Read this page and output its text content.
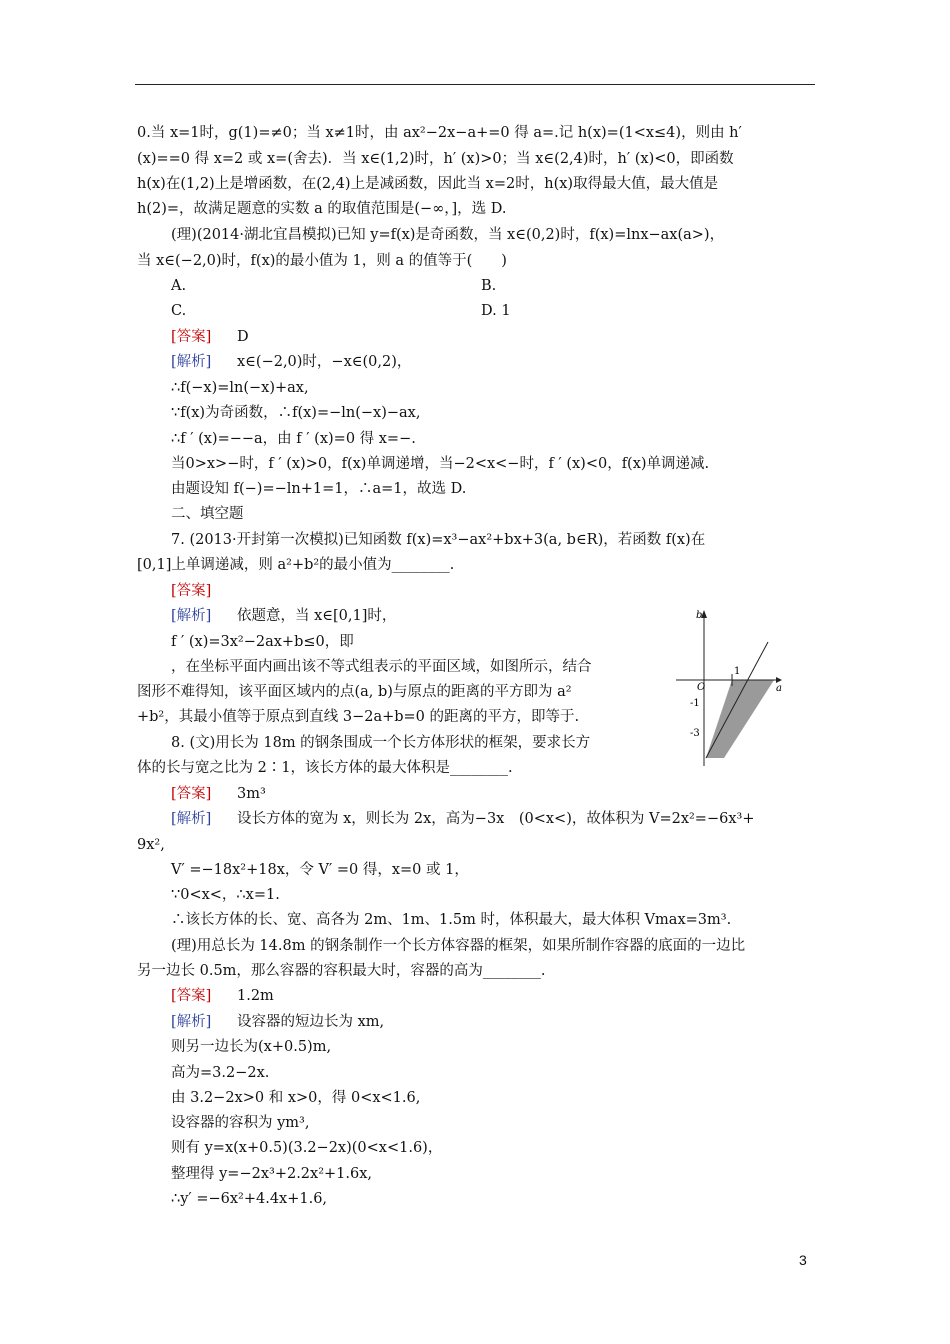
0.当 x=1时，g(1)=≠0；当 x≠1时，由 ax²−2x−a+=0 得 a=.记 h(x)=(1<x≤4)，则由 h′
(x)==0 得 x=2 或 x=(舍去)．当 x∈(1,2)时，h′ (x)>0；当 x∈(2,4)时，h′ (x)<0，即函数
h(x)在(1,2)上是增函数，在(2,4)上是减函数，因此当 x=2时，h(x)取得最大值，最大值是
h(2)=，故满足题意的实数 a 的取值范围是(−∞，]，选 D.
(理)(2014·湖北宜昌模拟)已知 y=f(x)是奇函数，当 x∈(0,2)时，f(x)=lnx−ax(a>)，
当 x∈(−2,0)时，f(x)的最小值为 1，则 a 的值等于(　　)
A.	B.
C.	D. 1
[答案] D
[解析] x∈(−2,0)时，−x∈(0,2)，
∴f(−x)=ln(−x)+ax,
∵f(x)为奇函数，∴f(x)=−ln(−x)−ax,
∴f ′ (x)=−−a，由 f ′ (x)=0 得 x=−.
当0>x>−时，f ′ (x)>0，f(x)单调递增，当−2<x<−时，f ′ (x)<0，f(x)单调递减.
由题设知 f(−)=−ln+1=1，∴a=1，故选 D.
二、填空题
7. (2013·开封第一次模拟)已知函数 f(x)=x³−ax²+bx+3(a, b∈R)，若函数 f(x)在
[0,1]上单调递减，则 a²+b²的最小值为________.
[答案]
[解析] 依题意，当 x∈[0,1]时，
f ′ (x)=3x²−2ax+b≤0，即
，在坐标平面内画出该不等式组表示的平面区域，如图所示，结合
图形不难得知，该平面区域内的点(a, b)与原点的距离的平方即为 a²
+b²，其最小值等于原点到直线 3−2a+b=0 的距离的平方，即等于.
8. (文)用长为 18m 的钢条围成一个长方体形状的框架，要求长方
体的长与宽之比为 2∶1，该长方体的最大体积是________.
[答案] 3m³
[解析] 设长方体的宽为 x，则长为 2x，高为−3x　(0<x<)，故体积为 V=2x²=−6x³+
9x²,
V′ =−18x²+18x，令 V′ =0 得，x=0 或 1，
∵0<x<，∴x=1.
∴该长方体的长、宽、高各为 2m、1m、1.5m 时，体积最大，最大体积 Vmax=3m³.
(理)用总长为 14.8m 的钢条制作一个长方体容器的框架，如果所制作容器的底面的一边比
另一边长 0.5m，那么容器的容积最大时，容器的高为________.
[答案] 1.2m
[解析] 设容器的短边长为 xm,
则另一边长为(x+0.5)m,
高为=3.2−2x.
由 3.2−2x>0 和 x>0，得 0<x<1.6,
设容器的容积为 ym³,
则有 y=x(x+0.5)(3.2−2x)(0<x<1.6)，
整理得 y=−2x³+2.2x²+1.6x,
∴y′ =−6x²+4.4x+1.6,
b
a
O
1
-1
-3
3
